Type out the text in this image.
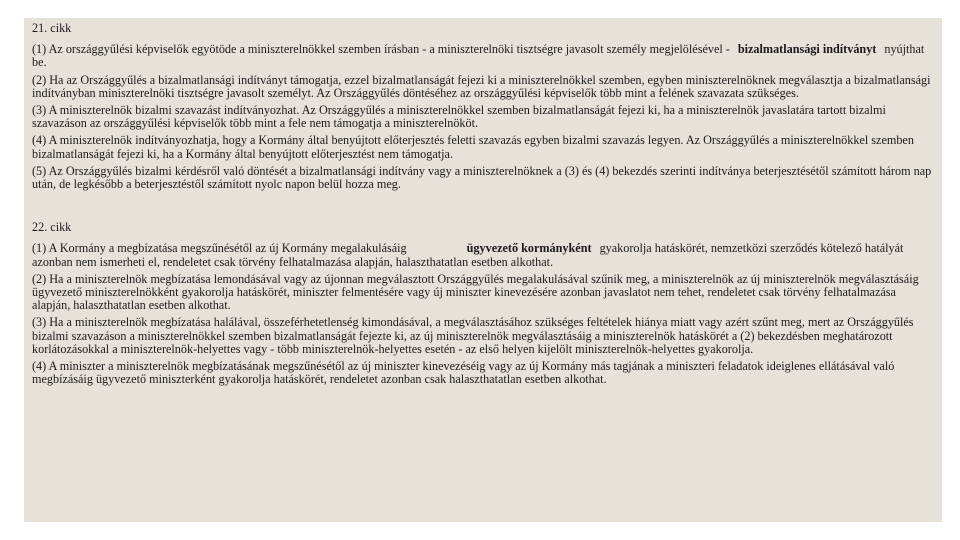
21. cikk

(1) Az országgyűlési képviselők egyötöde a miniszterelnökkel szemben írásban - a miniszterelnöki tisztségre javasolt személy megjelölésével - bizalmatlansági indítványt nyújthat be.

(2) Ha az Országgyűlés a bizalmatlansági indítványt támogatja, ezzel bizalmatlanságát fejezi ki a miniszterelnökkel szemben, egyben miniszterelnöknek megválasztja a bizalmatlansági indítványban miniszterelnöki tisztségre javasolt személyt. Az Országgyűlés döntéséhez az országgyűlési képviselők több mint a felének szavazata szükséges.

(3) A miniszterelnök bizalmi szavazást indítványozhat. Az Országgyűlés a miniszterelnökkel szemben bizalmatlanságát fejezi ki, ha a miniszterelnök javaslatára tartott bizalmi szavazáson az országgyűlési képviselők több mint a fele nem támogatja a miniszterelnököt.

(4) A miniszterelnök indítványozhatja, hogy a Kormány által benyújtott előterjesztés feletti szavazás egyben bizalmi szavazás legyen. Az Országgyűlés a miniszterelnökkel szemben bizalmatlanságát fejezi ki, ha a Kormány által benyújtott előterjesztést nem támogatja.

(5) Az Országgyűlés bizalmi kérdésről való döntését a bizalmatlansági indítvány vagy a miniszterelnöknek a (3) és (4) bekezdés szerinti indítványa beterjesztésétől számított három nap után, de legkésőbb a beterjesztéstől számított nyolc napon belül hozza meg.

22. cikk

(1) A Kormány a megbízatása megszűnésétől az új Kormány megalakulásáig	ügyvezető kormányként gyakorolja hatáskörét, nemzetközi szerződés kötelező hatályát azonban nem ismerheti el, rendeletet csak törvény felhatalmazása alapján, halaszthatatlan esetben alkothat.

(2) Ha a miniszterelnök megbízatása lemondásával vagy az újonnan megválasztott Országgyűlés megalakulásával szűnik meg, a miniszterelnök az új miniszterelnök megválasztásáig ügyvezető miniszterelnökként gyakorolja hatáskörét, miniszter felmentésére vagy új miniszter kinevezésére azonban javaslatot nem tehet, rendeletet csak törvény felhatalmazása alapján, halaszthatatlan esetben alkothat.

(3) Ha a miniszterelnök megbízatása halálával, összeférhetetlenség kimondásával, a megválasztásához szükséges feltételek hiánya miatt vagy azért szűnt meg, mert az Országgyűlés bizalmi szavazáson a miniszterelnökkel szemben bizalmatlanságát fejezte ki, az új miniszterelnök megválasztásáig a miniszterelnök hatáskörét a (2) bekezdésben meghatározott korlátozásokkal a miniszterelnök-helyettes vagy - több miniszterelnök-helyettes esetén - az első helyen kijelölt miniszterelnök-helyettes gyakorolja.

(4) A miniszter a miniszterelnök megbízatásának megszűnésétől az új miniszter kinevezéséig vagy az új Kormány más tagjának a miniszteri feladatok ideiglenes ellátásával való megbízásáig ügyvezető miniszterként gyakorolja hatáskörét, rendeletet azonban csak halaszthatatlan esetben alkothat.
